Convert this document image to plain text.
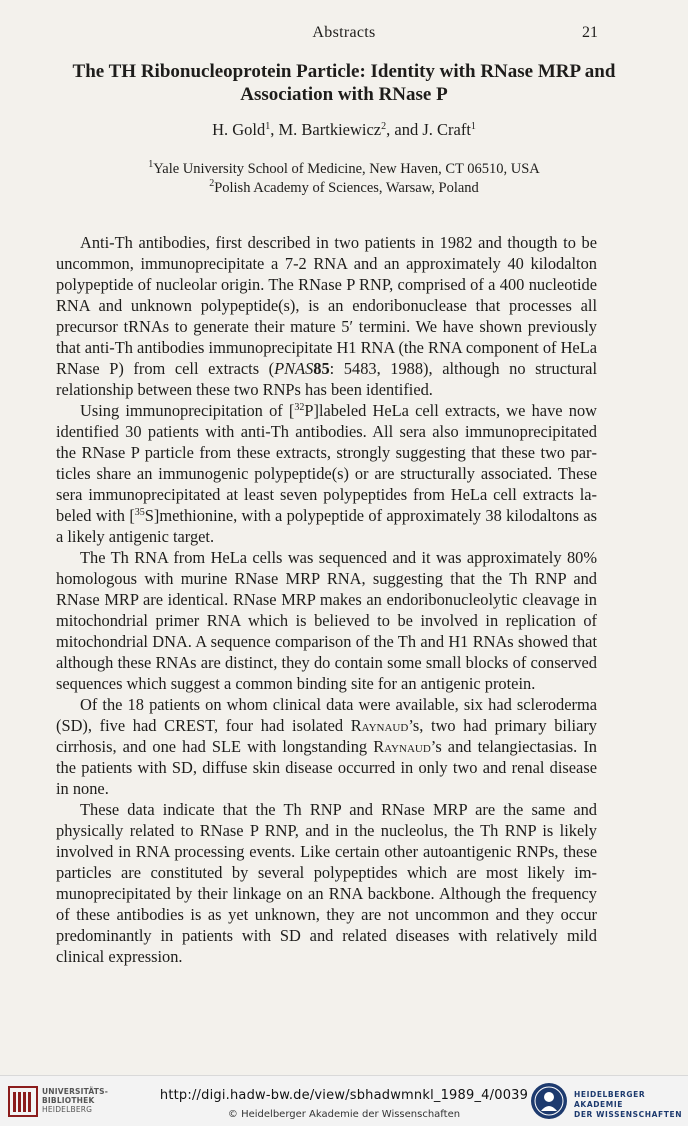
Abstracts	21
The TH Ribonucleoprotein Particle: Identity with RNase MRP and
Association with RNase P
H. Gold$^1$, M. Bartkiewicz$^2$, and J. Craft$^1$
$^1$Yale University School of Medicine, New Haven, CT 06510, USA
$^2$Polish Academy of Sciences, Warsaw, Poland

Anti-Th antibodies, first described in two patients in 1982 and thougth to be uncommon, immunoprecipitate a 7-2 RNA and an approximately 40 kilodalton polypeptide of nucleolar origin. The RNase P RNP, comprised of a 400 nucleotide RNA and unknown polypeptide(s), is an endoribonuclease that processes all precursor tRNAs to generate their mature 5′ termini. We have shown previously that anti-Th antibodies immunoprecipitate H1 RNA (the RNA component of HeLa RNase P) from cell extracts (PNAS85: 5483, 1988), although no structural relationship between these two RNPs has been identified.

Using immunoprecipitation of [$^{32}$P]labeled HeLa cell extracts, we have now identified 30 patients with anti-Th antibodies. All sera also immunoprecipitated the RNase P particle from these extracts, strongly suggesting that these two particles share an immunogenic polypeptide(s) or are structurally associated. These sera immunoprecipitated at least seven polypeptides from HeLa cell extracts labeled with [$^{35}$S]methionine, with a polypeptide of approximately 38 kilodaltons as a likely antigenic target.

The Th RNA from HeLa cells was sequenced and it was approximately 80% homologous with murine RNase MRP RNA, suggesting that the Th RNP and RNase MRP are identical. RNase MRP makes an endoribonucleolytic cleavage in mitochondrial primer RNA which is believed to be involved in replication of mitochondrial DNA. A sequence comparison of the Th and H1 RNAs showed that although these RNAs are distinct, they do contain some small blocks of conserved sequences which suggest a common binding site for an antigenic protein.

Of the 18 patients on whom clinical data were available, six had scleroderma (SD), five had CREST, four had isolated Raynaud’s, two had primary biliary cirrhosis, and one had SLE with longstanding Raynaud’s and telangiectasias. In the patients with SD, diffuse skin disease occurred in only two and renal disease in none.

These data indicate that the Th RNP and RNase MRP are the same and physically related to RNase P RNP, and in the nucleolus, the Th RNP is likely involved in RNA processing events. Like certain other autoantigenic RNPs, these particles are constituted by several polypeptides which are most likely immunoprecipitated by their linkage on an RNA backbone. Although the frequency of these antibodies is as yet unknown, they are not uncommon and they occur predominantly in patients with SD and related diseases with relatively mild clinical expression.

UNIVERSITÄTS-
BIBLIOTHEK
HEIDELBERG
http://digi.hadw-bw.de/view/sbhadwmnkl_1989_4/0039
© Heidelberger Akademie der Wissenschaften
HEIDELBERGER AKADEMIE
DER WISSENSCHAFTEN
